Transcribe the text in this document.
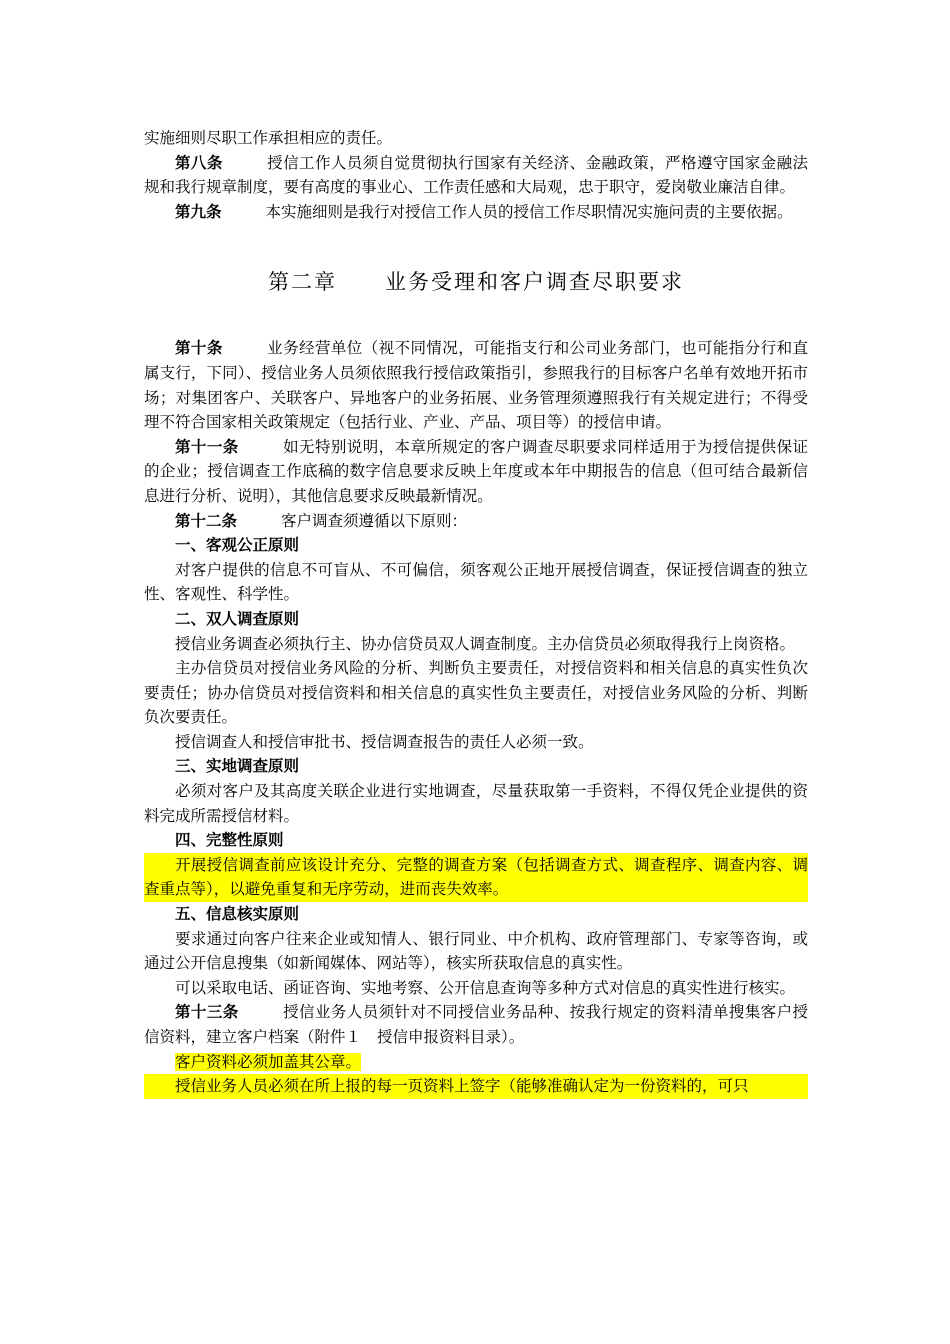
实施细则尽职工作承担相应的责任。

第八条	授信工作人员须自觉贯彻执行国家有关经济、金融政策，严格遵守国家金融法规和我行规章制度，要有高度的事业心、工作责任感和大局观，忠于职守，爱岗敬业廉洁自律。

第九条	本实施细则是我行对授信工作人员的授信工作尽职情况实施问责的主要依据。

第二章 业务受理和客户调查尽职要求

第十条	业务经营单位（视不同情况，可能指支行和公司业务部门，也可能指分行和直属支行，下同）、授信业务人员须依照我行授信政策指引，参照我行的目标客户名单有效地开拓市场；对集团客户、关联客户、异地客户的业务拓展、业务管理须遵照我行有关规定进行；不得受理不符合国家相关政策规定（包括行业、产业、产品、项目等）的授信申请。

第十一条	如无特别说明，本章所规定的客户调查尽职要求同样适用于为授信提供保证的企业；授信调查工作底稿的数字信息要求反映上年度或本年中期报告的信息（但可结合最新信息进行分析、说明），其他信息要求反映最新情况。

第十二条	客户调查须遵循以下原则：

一、客观公正原则

对客户提供的信息不可盲从、不可偏信，须客观公正地开展授信调查，保证授信调查的独立性、客观性、科学性。

二、双人调查原则

授信业务调查必须执行主、协办信贷员双人调查制度。主办信贷员必须取得我行上岗资格。

主办信贷员对授信业务风险的分析、判断负主要责任，对授信资料和相关信息的真实性负次要责任；协办信贷员对授信资料和相关信息的真实性负主要责任，对授信业务风险的分析、判断负次要责任。

授信调查人和授信审批书、授信调查报告的责任人必须一致。

三、实地调查原则

必须对客户及其高度关联企业进行实地调查，尽量获取第一手资料，不得仅凭企业提供的资料完成所需授信材料。

四、完整性原则

开展授信调查前应该设计充分、完整的调查方案（包括调查方式、调查程序、调查内容、调查重点等），以避免重复和无序劳动，进而丧失效率。

五、信息核实原则

要求通过向客户往来企业或知情人、银行同业、中介机构、政府管理部门、专家等咨询，或通过公开信息搜集（如新闻媒体、网站等），核实所获取信息的真实性。

可以采取电话、函证咨询、实地考察、公开信息查询等多种方式对信息的真实性进行核实。

第十三条	授信业务人员须针对不同授信业务品种、按我行规定的资料清单搜集客户授信资料，建立客户档案（附件１ 授信申报资料目录）。

客户资料必须加盖其公章。

授信业务人员必须在所上报的每一页资料上签字（能够准确认定为一份资料的，可只
